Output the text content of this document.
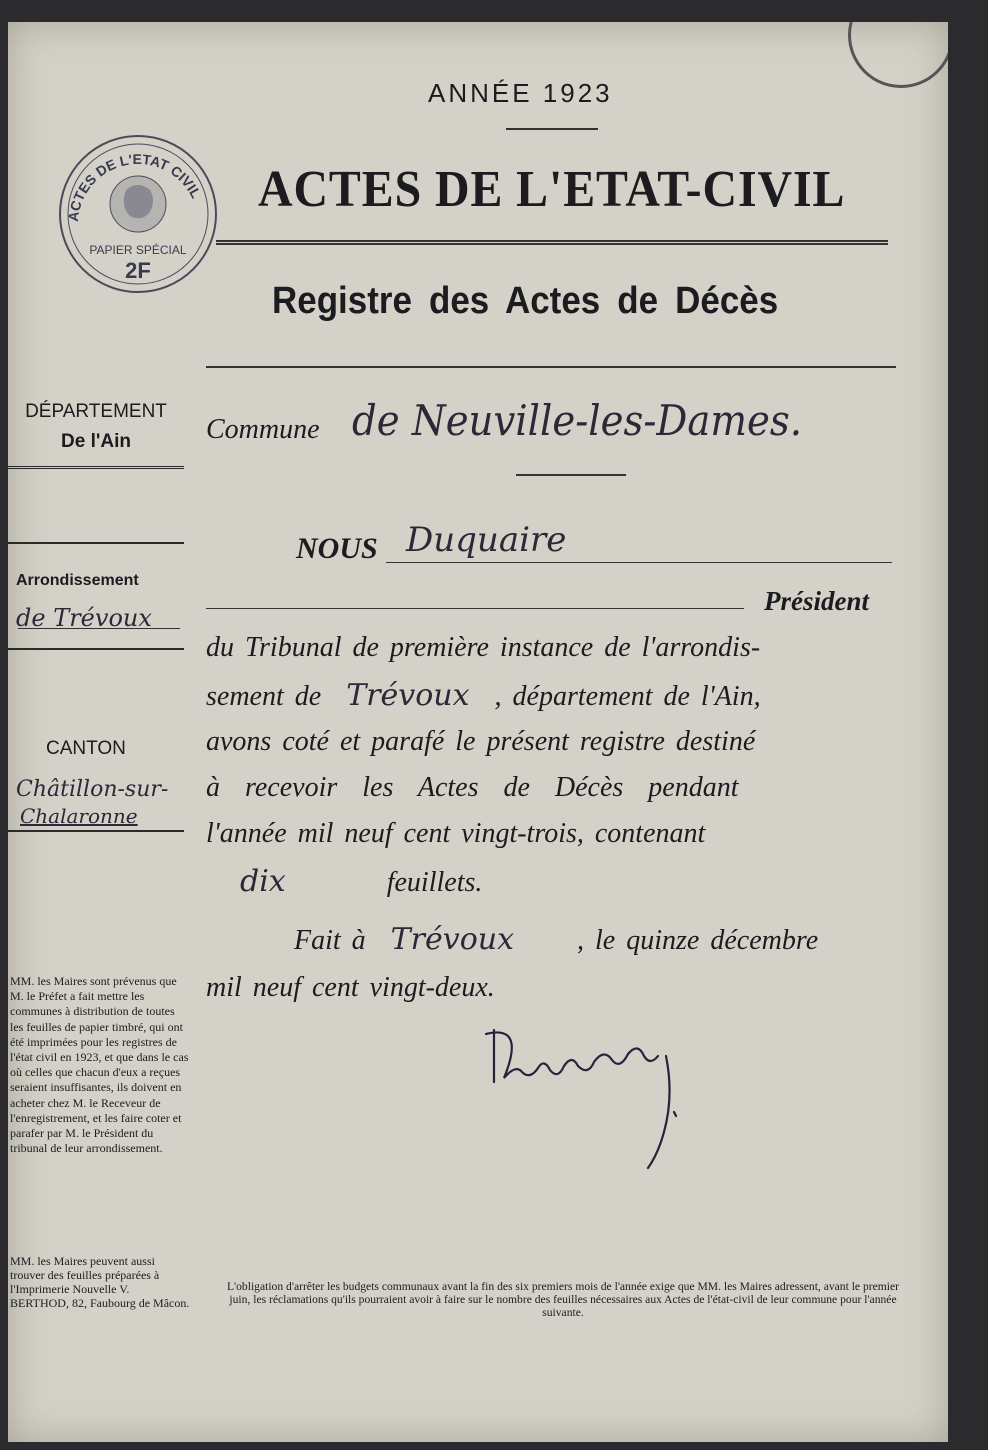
ACTES DE L'ETAT CIVIL
PAPIER SPÉCIAL
2F
ANNÉE 1923
ACTES DE L'ETAT-CIVIL
Registre des Actes de Décès
DÉPARTEMENT
De l'Ain
Arrondissement
de Trévoux
CANTON
Châtillon-sur-
Chalaronne
MM. les Maires sont prévenus que M. le Préfet a fait mettre les communes à distribution de toutes les feuilles de papier timbré, qui ont été imprimées pour les registres de l'état civil en 1923, et que dans le cas où celles que chacun d'eux a reçues seraient insuffisantes, ils doivent en acheter chez M. le Receveur de l'enregistrement, et les faire coter et parafer par M. le Président du tribunal de leur arrondissement.
MM. les Maires peuvent aussi trouver des feuilles préparées à l'Imprimerie Nouvelle V. BERTHOD, 82, Faubourg de Mâcon.
Commune de Neuville-les-Dames.
NOUS Duquaire
Président
du Tribunal de première instance de l'arrondis-
sement de Trévoux , département de l'Ain,
avons coté et parafé le présent registre destiné
à recevoir les Actes de Décès pendant
l'année mil neuf cent vingt-trois, contenant
dix	feuillets.
Fait à Trévoux , le quinze décembre
mil neuf cent vingt-deux.
L'obligation d'arrêter les budgets communaux avant la fin des six premiers mois de l'année exige que MM. les Maires adressent, avant le premier juin, les réclamations qu'ils pourraient avoir à faire sur le nombre des feuilles nécessaires aux Actes de l'état-civil de leur commune pour l'année suivante.
